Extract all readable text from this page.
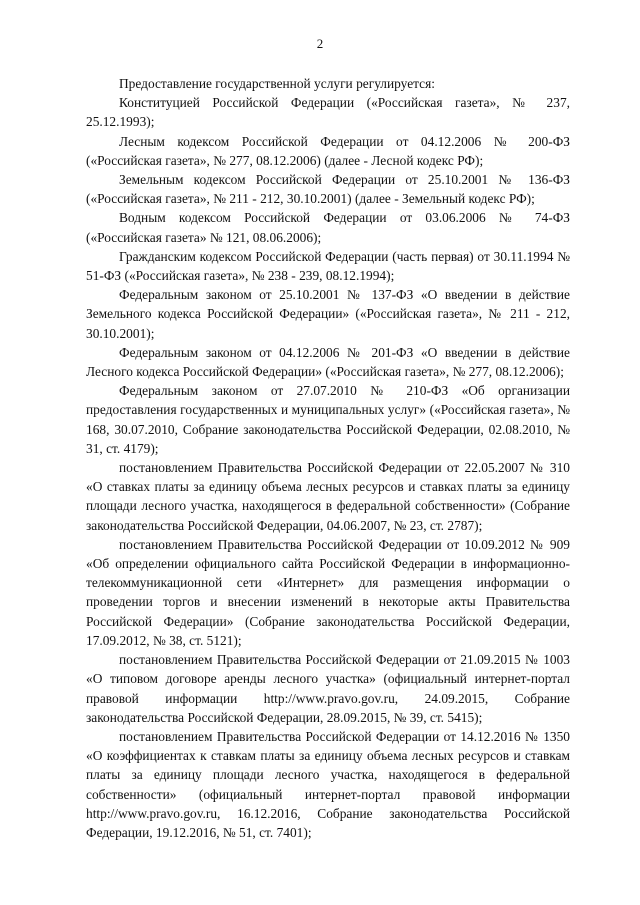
2

Предоставление государственной услуги регулируется:

Конституцией Российской Федерации («Российская газета», № 237, 25.12.1993);

Лесным кодексом Российской Федерации от 04.12.2006 № 200-ФЗ («Российская газета», № 277, 08.12.2006) (далее - Лесной кодекс РФ);

Земельным кодексом Российской Федерации от 25.10.2001 № 136-ФЗ («Российская газета», № 211 - 212, 30.10.2001) (далее - Земельный кодекс РФ);

Водным кодексом Российской Федерации от 03.06.2006 № 74-ФЗ («Российская газета» № 121, 08.06.2006);

Гражданским кодексом Российской Федерации (часть первая) от 30.11.1994 № 51-ФЗ («Российская газета», № 238 - 239, 08.12.1994);

Федеральным законом от 25.10.2001 № 137-ФЗ «О введении в действие Земельного кодекса Российской Федерации» («Российская газета», № 211 - 212, 30.10.2001);

Федеральным законом от 04.12.2006 № 201-ФЗ «О введении в действие Лесного кодекса Российской Федерации» («Российская газета», № 277, 08.12.2006);

Федеральным законом от 27.07.2010 № 210-ФЗ «Об организации предоставления государственных и муниципальных услуг» («Российская газета», № 168, 30.07.2010, Собрание законодательства Российской Федерации, 02.08.2010, № 31, ст. 4179);

постановлением Правительства Российской Федерации от 22.05.2007 № 310 «О ставках платы за единицу объема лесных ресурсов и ставках платы за единицу площади лесного участка, находящегося в федеральной собственности» (Собрание законодательства Российской Федерации, 04.06.2007, № 23, ст. 2787);

постановлением Правительства Российской Федерации от 10.09.2012 № 909 «Об определении официального сайта Российской Федерации в информационно-телекоммуникационной сети «Интернет» для размещения информации о проведении торгов и внесении изменений в некоторые акты Правительства Российской Федерации» (Собрание законодательства Российской Федерации, 17.09.2012, № 38, ст. 5121);

постановлением Правительства Российской Федерации от 21.09.2015 № 1003 «О типовом договоре аренды лесного участка» (официальный интернет-портал правовой информации http://www.pravo.gov.ru, 24.09.2015, Собрание законодательства Российской Федерации, 28.09.2015, № 39, ст. 5415);

постановлением Правительства Российской Федерации от 14.12.2016 № 1350 «О коэффициентах к ставкам платы за единицу объема лесных ресурсов и ставкам платы за единицу площади лесного участка, находящегося в федеральной собственности» (официальный интернет-портал правовой информации http://www.pravo.gov.ru, 16.12.2016, Собрание законодательства Российской Федерации, 19.12.2016, № 51, ст. 7401);
